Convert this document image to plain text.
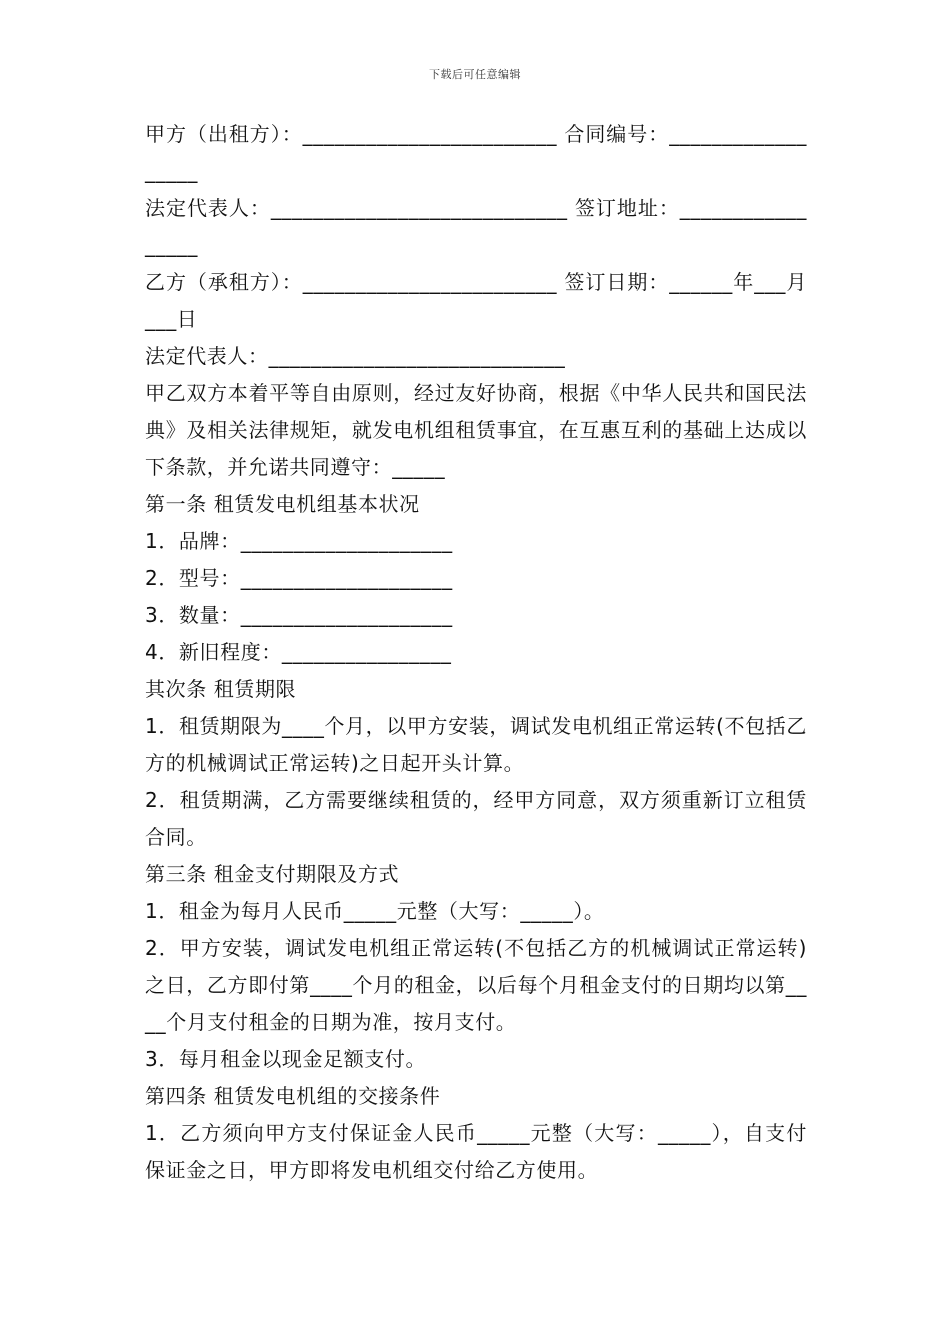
下载后可任意编辑
甲方（出租方）：________________________ 合同编号：__________________
法定代表人：____________________________ 签订地址：_________________
乙方（承租方）：________________________ 签订日期：______年___月___日
法定代表人：____________________________
甲乙双方本着平等自由原则，经过友好协商，根据《中华人民共和国民法典》及相关法律规矩，就发电机组租赁事宜，在互惠互利的基础上达成以下条款，并允诺共同遵守：_____
第一条 租赁发电机组基本状况
1．品牌：____________________
2．型号：____________________
3．数量：____________________
4．新旧程度：________________
其次条 租赁期限
1．租赁期限为____个月，以甲方安装，调试发电机组正常运转(不包括乙方的机械调试正常运转)之日起开头计算。
2．租赁期满，乙方需要继续租赁的，经甲方同意，双方须重新订立租赁合同。
第三条 租金支付期限及方式
1．租金为每月人民币_____元整（大写：_____）。
2．甲方安装，调试发电机组正常运转(不包括乙方的机械调试正常运转)之日，乙方即付第____个月的租金，以后每个月租金支付的日期均以第____个月支付租金的日期为准，按月支付。
3．每月租金以现金足额支付。
第四条 租赁发电机组的交接条件
1．乙方须向甲方支付保证金人民币_____元整（大写：_____），自支付保证金之日，甲方即将发电机组交付给乙方使用。
